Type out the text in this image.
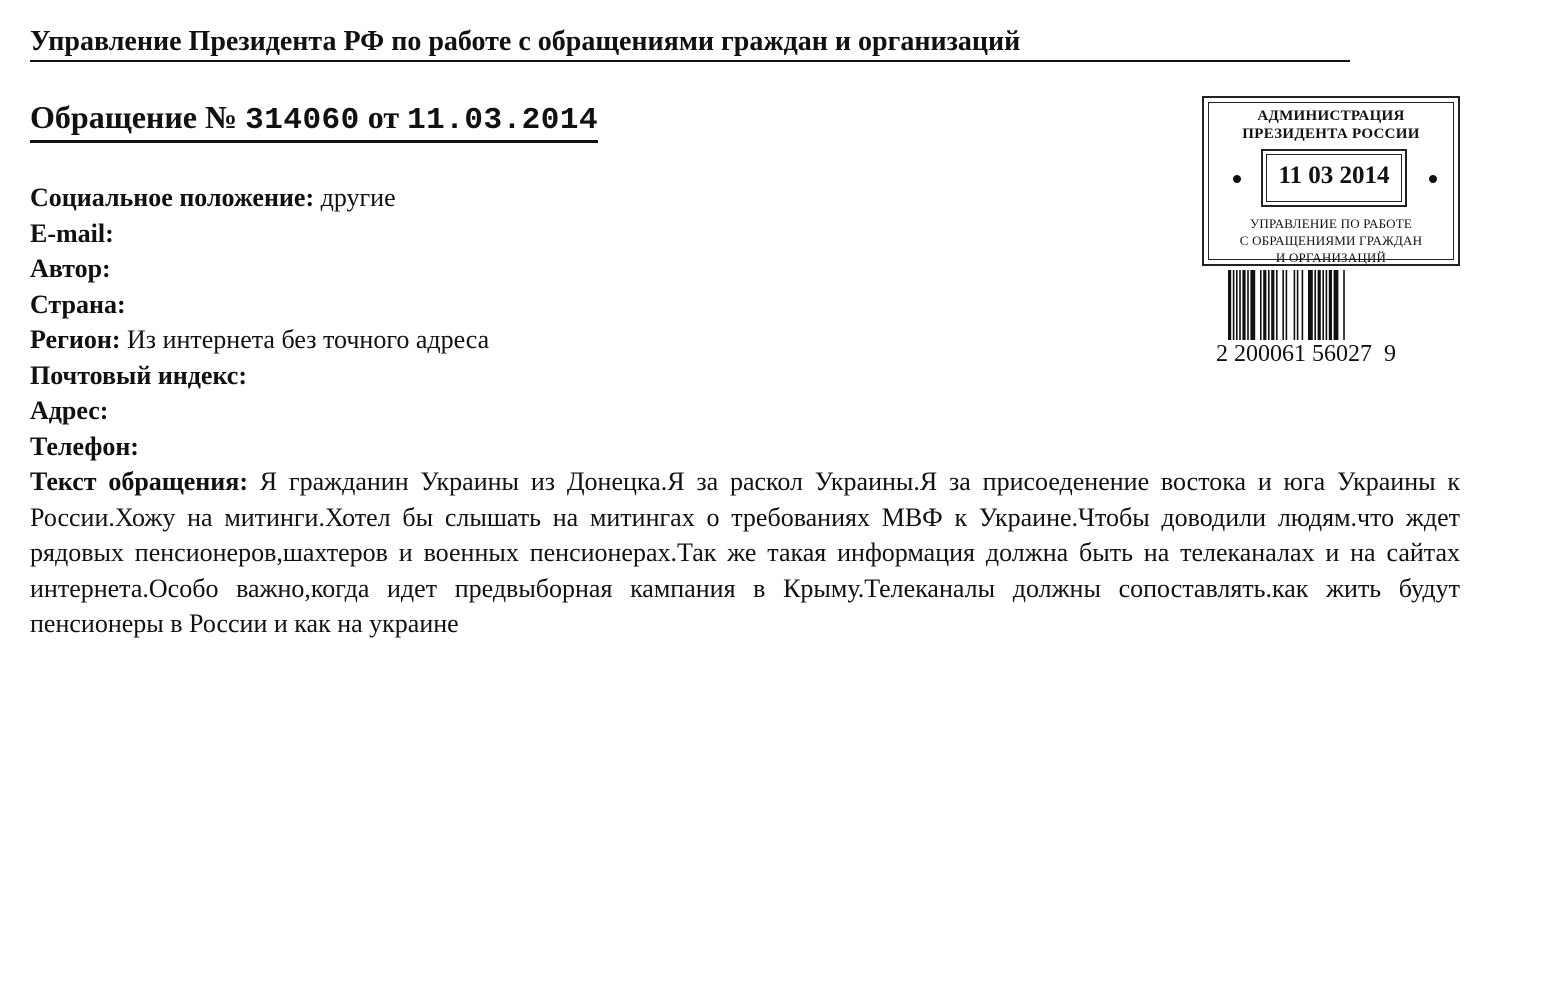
Управление Президента РФ по работе с обращениями граждан и организаций
Обращение № 314060 от 11.03.2014
Социальное положение: другие
E-mail:
Автор:
Страна:
Регион: Из интернета без точного адреса
Почтовый индекс:
Адрес:
Телефон:
Текст обращения: Я гражданин Украины из Донецка.Я за раскол Украины.Я за присоеденение востока и юга Украины к России.Хожу на митинги.Хотел бы слышать на митингах о требованиях МВФ к Украине.Чтобы доводили людям.что ждет рядовых пенсионеров,шахтеров и военных пенсионерах.Так же такая информация должна быть на телеканалах и на сайтах интернета.Особо важно,когда идет предвыборная кампания в Крыму.Телеканалы должны сопоставлять.как жить будут пенсионеры в России и как на украине
АДМИНИСТРАЦИЯ
ПРЕЗИДЕНТА РОССИИ
11 03 2014
УПРАВЛЕНИЕ ПО РАБОТЕ
С ОБРАЩЕНИЯМИ ГРАЖДАН
И ОРГАНИЗАЦИЙ
2 200061 56027  9
